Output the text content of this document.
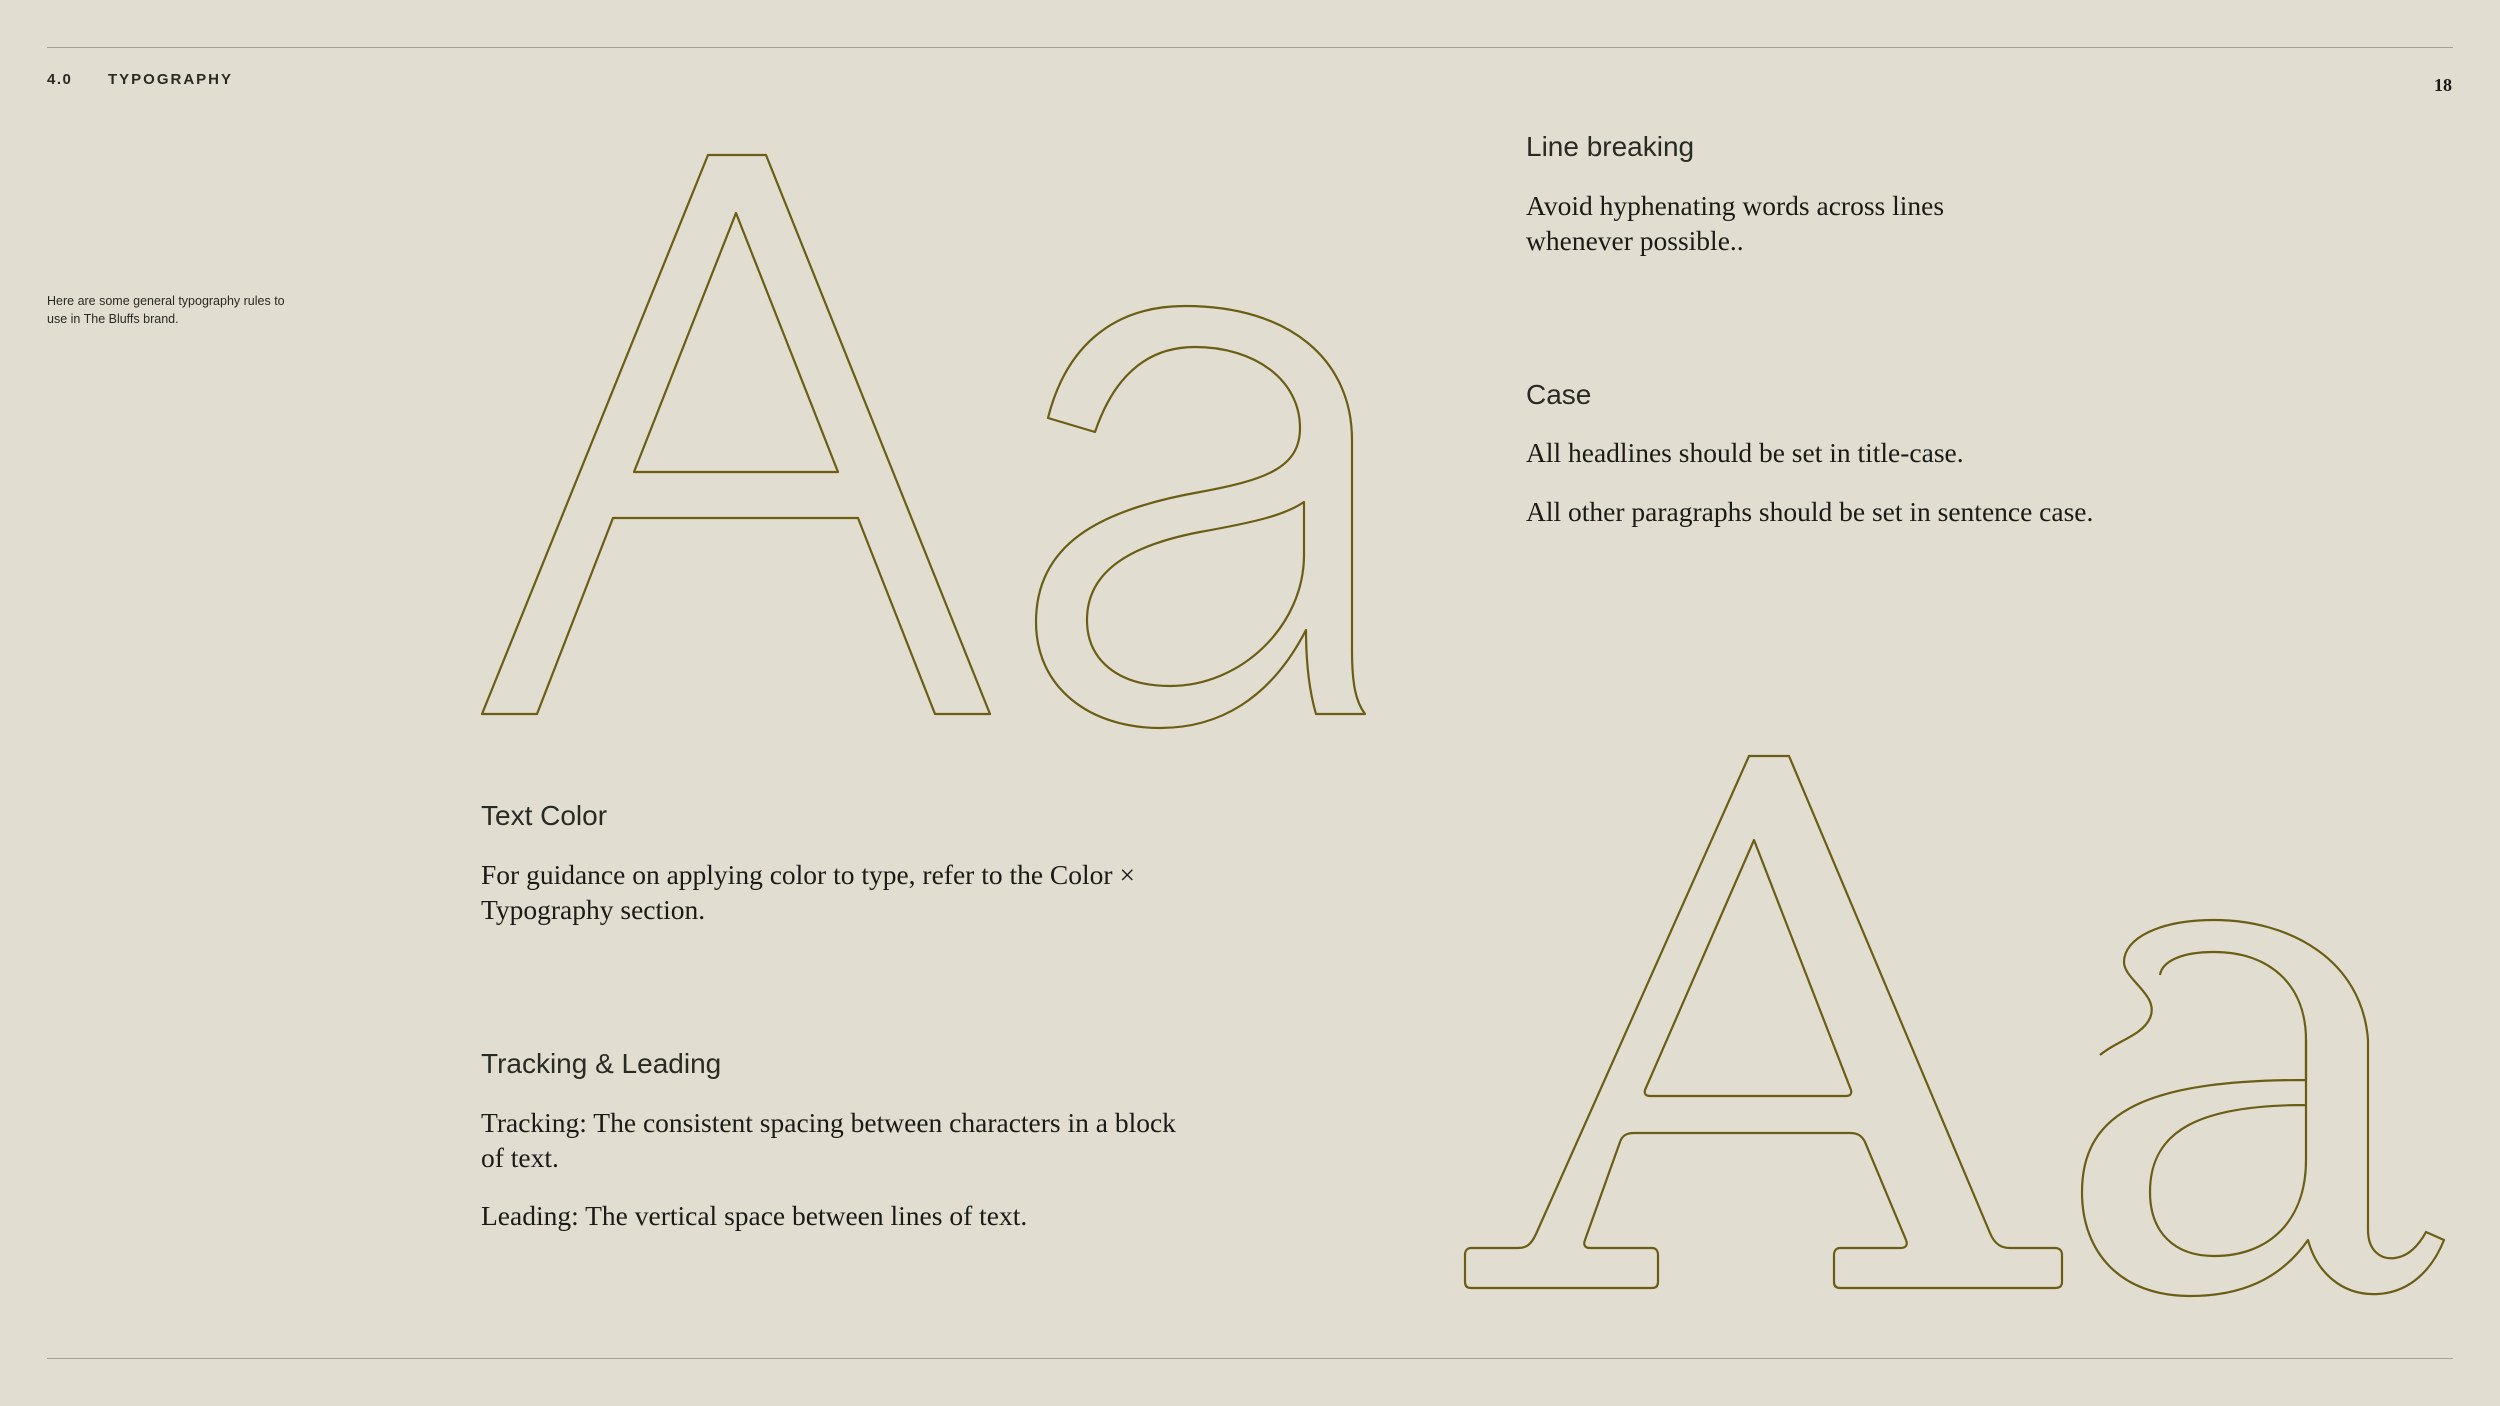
4.0 TYPOGRAPHY	18
Here are some general typography rules to use in The Bluffs brand.
Text Color

For guidance on applying color to type, refer to the Color × Typography section.

Tracking & Leading

Tracking: The consistent spacing between characters in a block of text.

Leading: The vertical space between lines of text.

Line breaking

Avoid hyphenating words across lines whenever possible..

Case

All headlines should be set in title-case.

All other paragraphs should be set in sentence case.
